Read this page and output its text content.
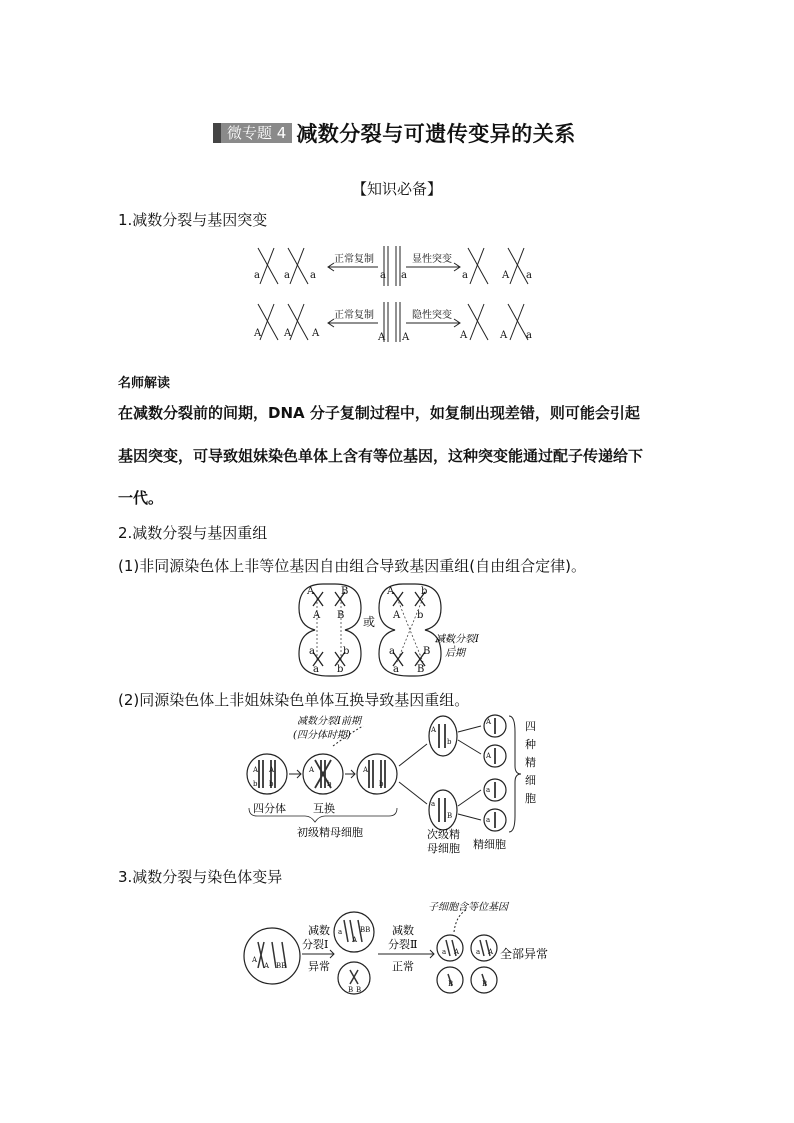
微专题 4 减数分裂与可遗传变异的关系
【知识必备】
1.减数分裂与基因突变
正常复制	显性突变
正常复制	隐性突变
a a a	a a	a	A a
A A A	A A	A	A a
名师解读
在减数分裂前的间期，DNA 分子复制过程中，如复制出现差错，则可能会引起
基因突变，可导致姐妹染色单体上含有等位基因，这种突变能通过配子传递给下
一代。
2.减数分裂与基因重组
(1)非同源染色体上非等位基因自由组合导致基因重组(自由组合定律)。
A	B
A B
a	b
a b
A	b
A b
a	B
a B
或
减数分裂Ⅰ
后期
(2)同源染色体上非姐妹染色单体互换导致基因重组。
A A
b b
A
b
A
b
A
b
a
B
A
A
a
a
减数分裂Ⅰ前期
(四分体时期)
四分体 互换
初级精母细胞	次级精
母细胞 精细胞
四
种
精
细
胞
3.减数分裂与染色体变异
A
A BB
a
A
BB
B B
a A
B
a A
B
子细胞含等位基因
减数
分裂Ⅰ
异常
减数
分裂Ⅱ
正常
全部异常
